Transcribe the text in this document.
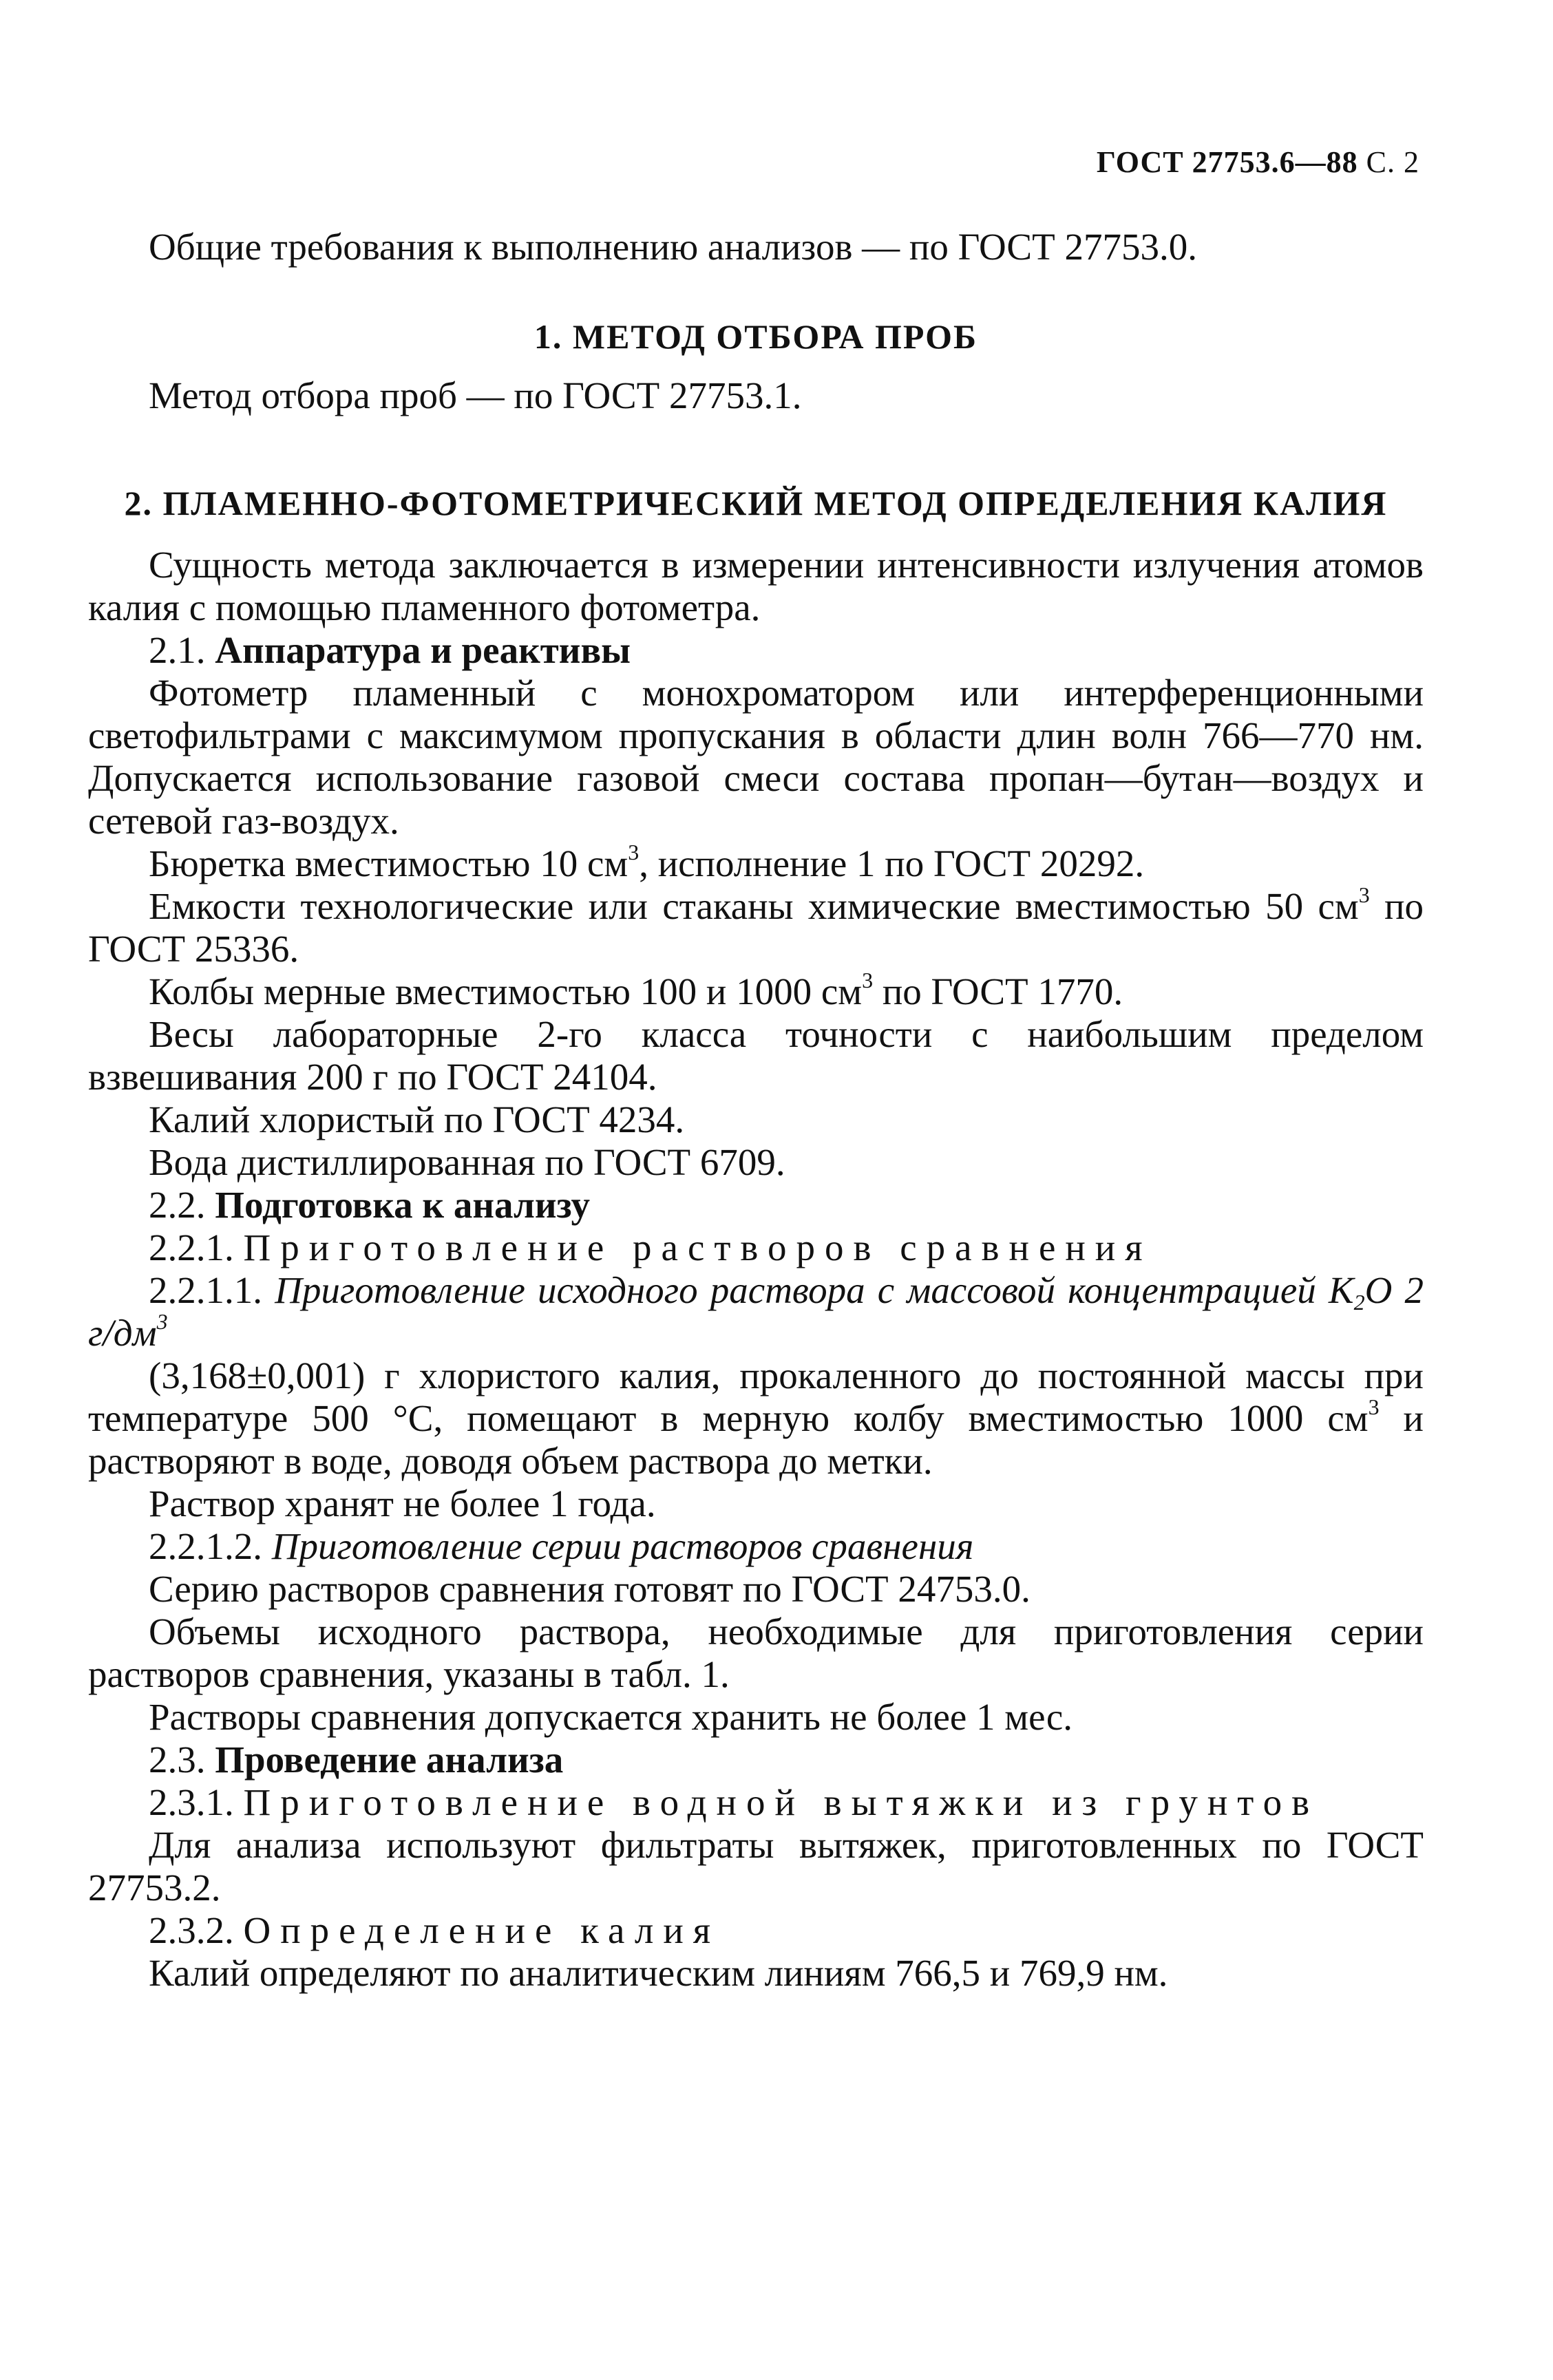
ГОСТ 27753.6—88 С. 2
Общие требования к выполнению анализов — по ГОСТ 27753.0.
1. МЕТОД ОТБОРА ПРОБ
Метод отбора проб — по ГОСТ 27753.1.
2. ПЛАМЕННО-ФОТОМЕТРИЧЕСКИЙ МЕТОД ОПРЕДЕЛЕНИЯ КАЛИЯ
Сущность метода заключается в измерении интенсивности излучения атомов калия с помощью пламенного фотометра.
2.1. Аппаратура и реактивы
Фотометр пламенный с монохроматором или интерференционными светофильтрами с максимумом пропускания в области длин волн 766—770 нм. Допускается использование газовой смеси состава пропан—бутан—воздух и сетевой газ-воздух.
Бюретка вместимостью 10 $см^3$, исполнение 1 по ГОСТ 20292.
Емкости технологические или стаканы химические вместимостью 50 $см^3$ по ГОСТ 25336.
Колбы мерные вместимостью 100 и 1000 $см^3$ по ГОСТ 1770.
Весы лабораторные 2-го класса точности с наибольшим пределом взвешивания 200 г по ГОСТ 24104.
Калий хлористый по ГОСТ 4234.
Вода дистиллированная по ГОСТ 6709.
2.2. Подготовка к анализу
2.2.1. Приготовление растворов сравнения
2.2.1.1. Приготовление исходного раствора с массовой концентрацией $K_2O$ 2 $г/дм^3$
(3,168±0,001) г хлористого калия, прокаленного до постоянной массы при температуре 500 °С, помещают в мерную колбу вместимостью 1000 $см^3$ и растворяют в воде, доводя объем раствора до метки.
Раствор хранят не более 1 года.
2.2.1.2. Приготовление серии растворов сравнения
Серию растворов сравнения готовят по ГОСТ 24753.0.
Объемы исходного раствора, необходимые для приготовления серии растворов сравнения, указаны в табл. 1.
Растворы сравнения допускается хранить не более 1 мес.
2.3. Проведение анализа
2.3.1. Приготовление водной вытяжки из грунтов
Для анализа используют фильтраты вытяжек, приготовленных по ГОСТ 27753.2.
2.3.2. Определение калия
Калий определяют по аналитическим линиям 766,5 и 769,9 нм.
